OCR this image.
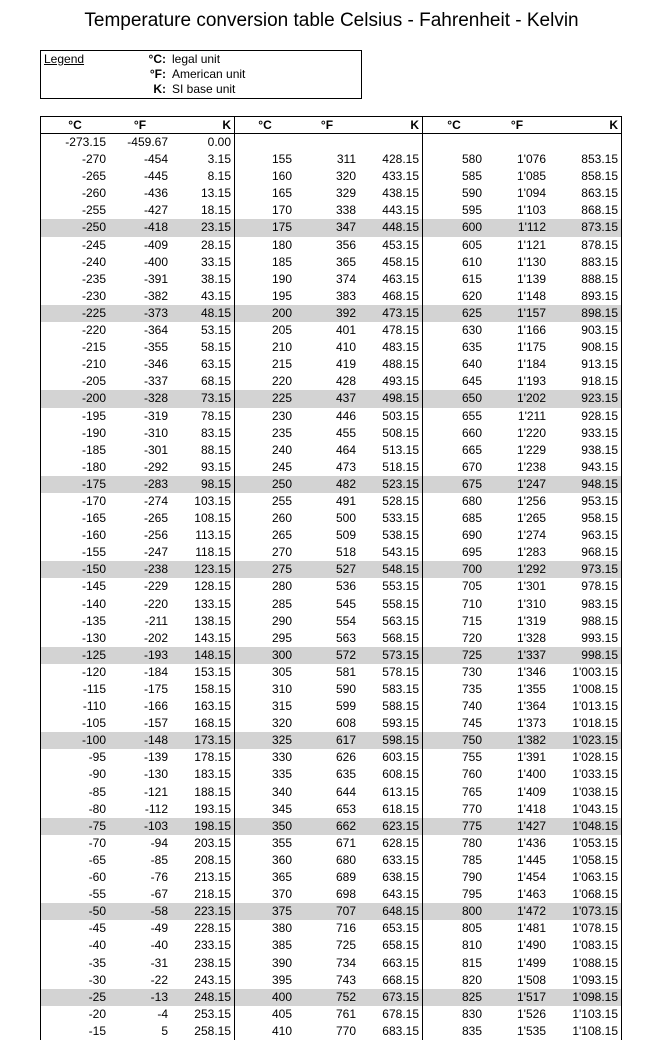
Temperature conversion table Celsius - Fahrenheit - Kelvin
Legend	°C: legal unit
°F: American unit
K: SI base unit
°C	°F	K	°C	°F	K	°C	°F	K
-273.15	-459.67	0.00
-270	-454	3.15	155	311	428.15	580	1'076	853.15
-265	-445	8.15	160	320	433.15	585	1'085	858.15
-260	-436	13.15	165	329	438.15	590	1'094	863.15
-255	-427	18.15	170	338	443.15	595	1'103	868.15
-250	-418	23.15	175	347	448.15	600	1'112	873.15
-245	-409	28.15	180	356	453.15	605	1'121	878.15
-240	-400	33.15	185	365	458.15	610	1'130	883.15
-235	-391	38.15	190	374	463.15	615	1'139	888.15
-230	-382	43.15	195	383	468.15	620	1'148	893.15
-225	-373	48.15	200	392	473.15	625	1'157	898.15
-220	-364	53.15	205	401	478.15	630	1'166	903.15
-215	-355	58.15	210	410	483.15	635	1'175	908.15
-210	-346	63.15	215	419	488.15	640	1'184	913.15
-205	-337	68.15	220	428	493.15	645	1'193	918.15
-200	-328	73.15	225	437	498.15	650	1'202	923.15
-195	-319	78.15	230	446	503.15	655	1'211	928.15
-190	-310	83.15	235	455	508.15	660	1'220	933.15
-185	-301	88.15	240	464	513.15	665	1'229	938.15
-180	-292	93.15	245	473	518.15	670	1'238	943.15
-175	-283	98.15	250	482	523.15	675	1'247	948.15
-170	-274	103.15	255	491	528.15	680	1'256	953.15
-165	-265	108.15	260	500	533.15	685	1'265	958.15
-160	-256	113.15	265	509	538.15	690	1'274	963.15
-155	-247	118.15	270	518	543.15	695	1'283	968.15
-150	-238	123.15	275	527	548.15	700	1'292	973.15
-145	-229	128.15	280	536	553.15	705	1'301	978.15
-140	-220	133.15	285	545	558.15	710	1'310	983.15
-135	-211	138.15	290	554	563.15	715	1'319	988.15
-130	-202	143.15	295	563	568.15	720	1'328	993.15
-125	-193	148.15	300	572	573.15	725	1'337	998.15
-120	-184	153.15	305	581	578.15	730	1'346	1'003.15
-115	-175	158.15	310	590	583.15	735	1'355	1'008.15
-110	-166	163.15	315	599	588.15	740	1'364	1'013.15
-105	-157	168.15	320	608	593.15	745	1'373	1'018.15
-100	-148	173.15	325	617	598.15	750	1'382	1'023.15
-95	-139	178.15	330	626	603.15	755	1'391	1'028.15
-90	-130	183.15	335	635	608.15	760	1'400	1'033.15
-85	-121	188.15	340	644	613.15	765	1'409	1'038.15
-80	-112	193.15	345	653	618.15	770	1'418	1'043.15
-75	-103	198.15	350	662	623.15	775	1'427	1'048.15
-70	-94	203.15	355	671	628.15	780	1'436	1'053.15
-65	-85	208.15	360	680	633.15	785	1'445	1'058.15
-60	-76	213.15	365	689	638.15	790	1'454	1'063.15
-55	-67	218.15	370	698	643.15	795	1'463	1'068.15
-50	-58	223.15	375	707	648.15	800	1'472	1'073.15
-45	-49	228.15	380	716	653.15	805	1'481	1'078.15
-40	-40	233.15	385	725	658.15	810	1'490	1'083.15
-35	-31	238.15	390	734	663.15	815	1'499	1'088.15
-30	-22	243.15	395	743	668.15	820	1'508	1'093.15
-25	-13	248.15	400	752	673.15	825	1'517	1'098.15
-20	-4	253.15	405	761	678.15	830	1'526	1'103.15
-15	5	258.15	410	770	683.15	835	1'535	1'108.15
